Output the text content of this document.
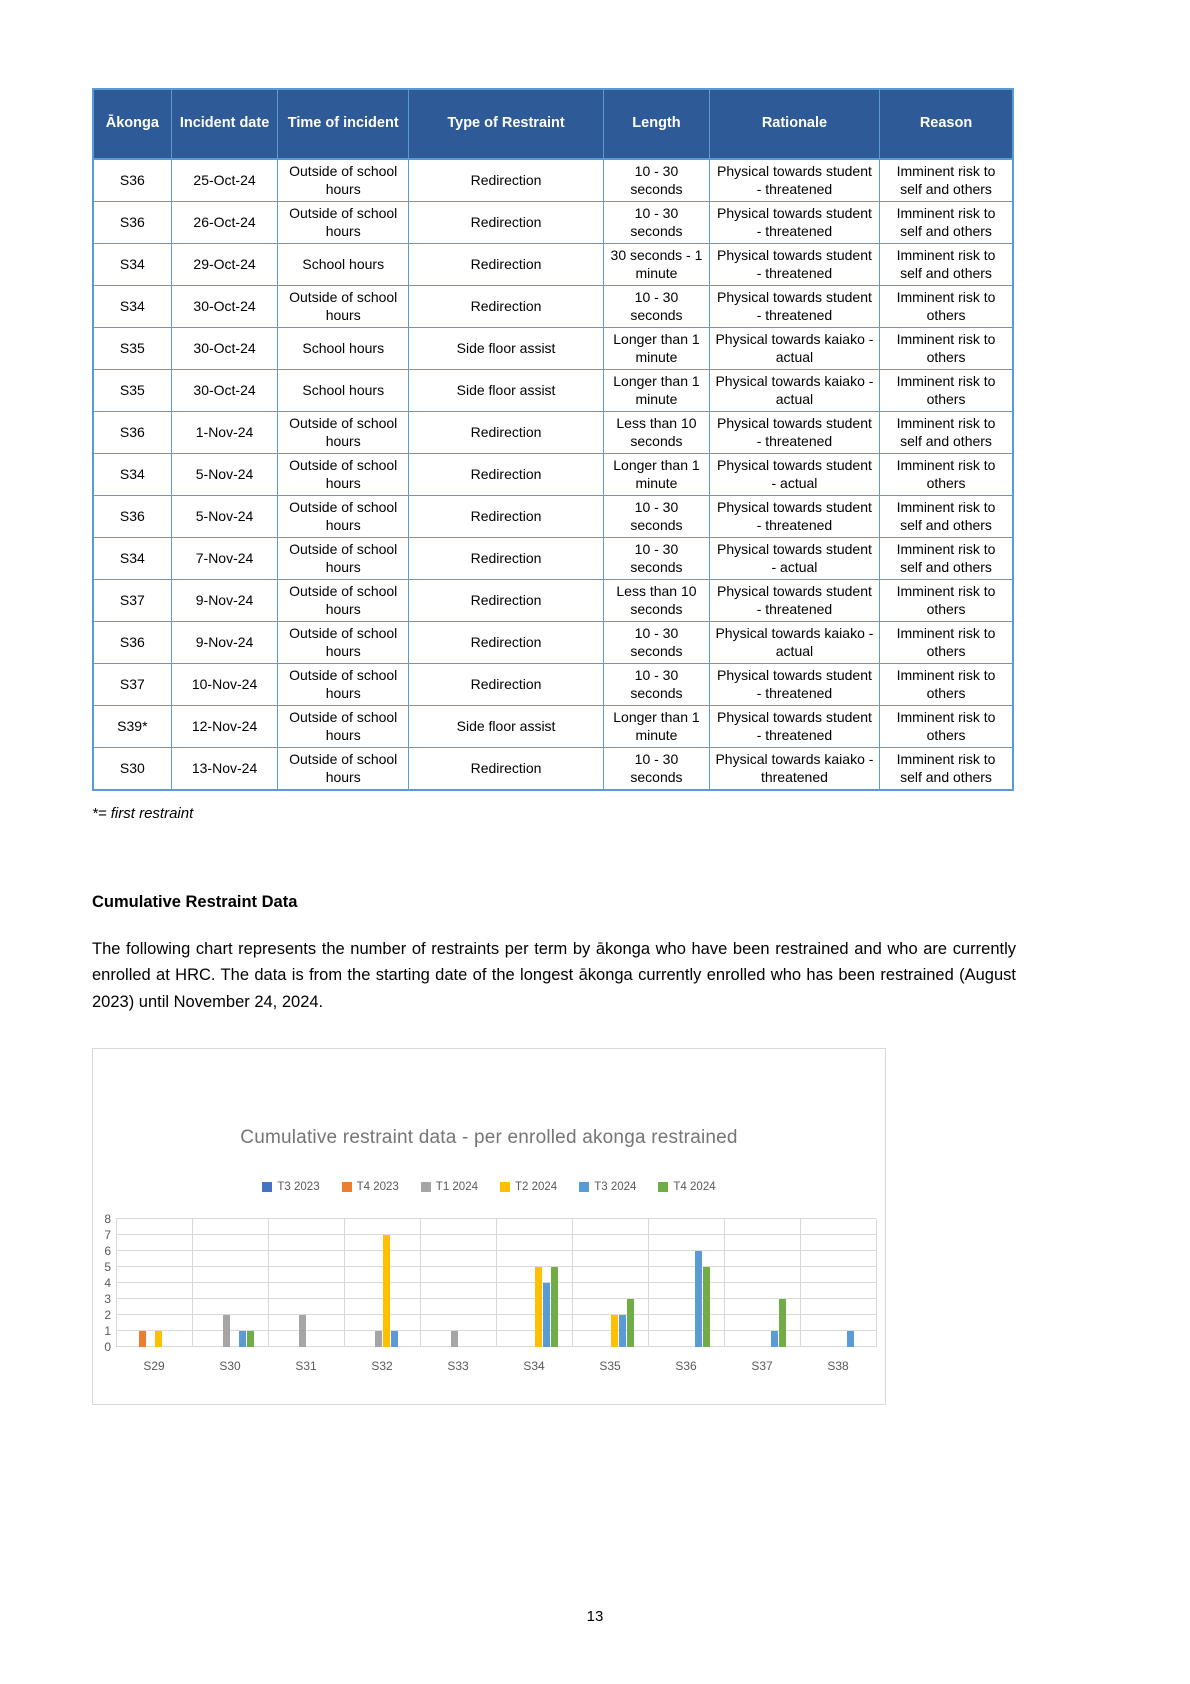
Ākonga	Incident date	Time of incident	Type of Restraint	Length	Rationale	Reason
S36	25-Oct-24	Outside of school hours	Redirection	10 - 30 seconds	Physical towards student - threatened	Imminent risk to self and others
S36	26-Oct-24	Outside of school hours	Redirection	10 - 30 seconds	Physical towards student - threatened	Imminent risk to self and others
S34	29-Oct-24	School hours	Redirection	30 seconds - 1 minute	Physical towards student - threatened	Imminent risk to self and others
S34	30-Oct-24	Outside of school hours	Redirection	10 - 30 seconds	Physical towards student - threatened	Imminent risk to others
S35	30-Oct-24	School hours	Side floor assist	Longer than 1 minute	Physical towards kaiako - actual	Imminent risk to others
S35	30-Oct-24	School hours	Side floor assist	Longer than 1 minute	Physical towards kaiako - actual	Imminent risk to others
S36	1-Nov-24	Outside of school hours	Redirection	Less than 10 seconds	Physical towards student - threatened	Imminent risk to self and others
S34	5-Nov-24	Outside of school hours	Redirection	Longer than 1 minute	Physical towards student - actual	Imminent risk to others
S36	5-Nov-24	Outside of school hours	Redirection	10 - 30 seconds	Physical towards student - threatened	Imminent risk to self and others
S34	7-Nov-24	Outside of school hours	Redirection	10 - 30 seconds	Physical towards student - actual	Imminent risk to self and others
S37	9-Nov-24	Outside of school hours	Redirection	Less than 10 seconds	Physical towards student - threatened	Imminent risk to others
S36	9-Nov-24	Outside of school hours	Redirection	10 - 30 seconds	Physical towards kaiako - actual	Imminent risk to others
S37	10-Nov-24	Outside of school hours	Redirection	10 - 30 seconds	Physical towards student - threatened	Imminent risk to others
S39*	12-Nov-24	Outside of school hours	Side floor assist	Longer than 1 minute	Physical towards student - threatened	Imminent risk to others
S30	13-Nov-24	Outside of school hours	Redirection	10 - 30 seconds	Physical towards kaiako - threatened	Imminent risk to self and others
*= first restraint
Cumulative Restraint Data
The following chart represents the number of restraints per term by ākonga who have been restrained and who are currently enrolled at HRC. The data is from the starting date of the longest ākonga currently enrolled who has been restrained (August 2023) until November 24, 2024.
Cumulative restraint data - per enrolled akonga restrained
T3 2023	T4 2023	T1 2024	T2 2024	T3 2024	T4 2024
0
1
2
3
4
5
6
7
8
S29	S30	S31	S32	S33	S34	S35	S36	S37	S38
13
